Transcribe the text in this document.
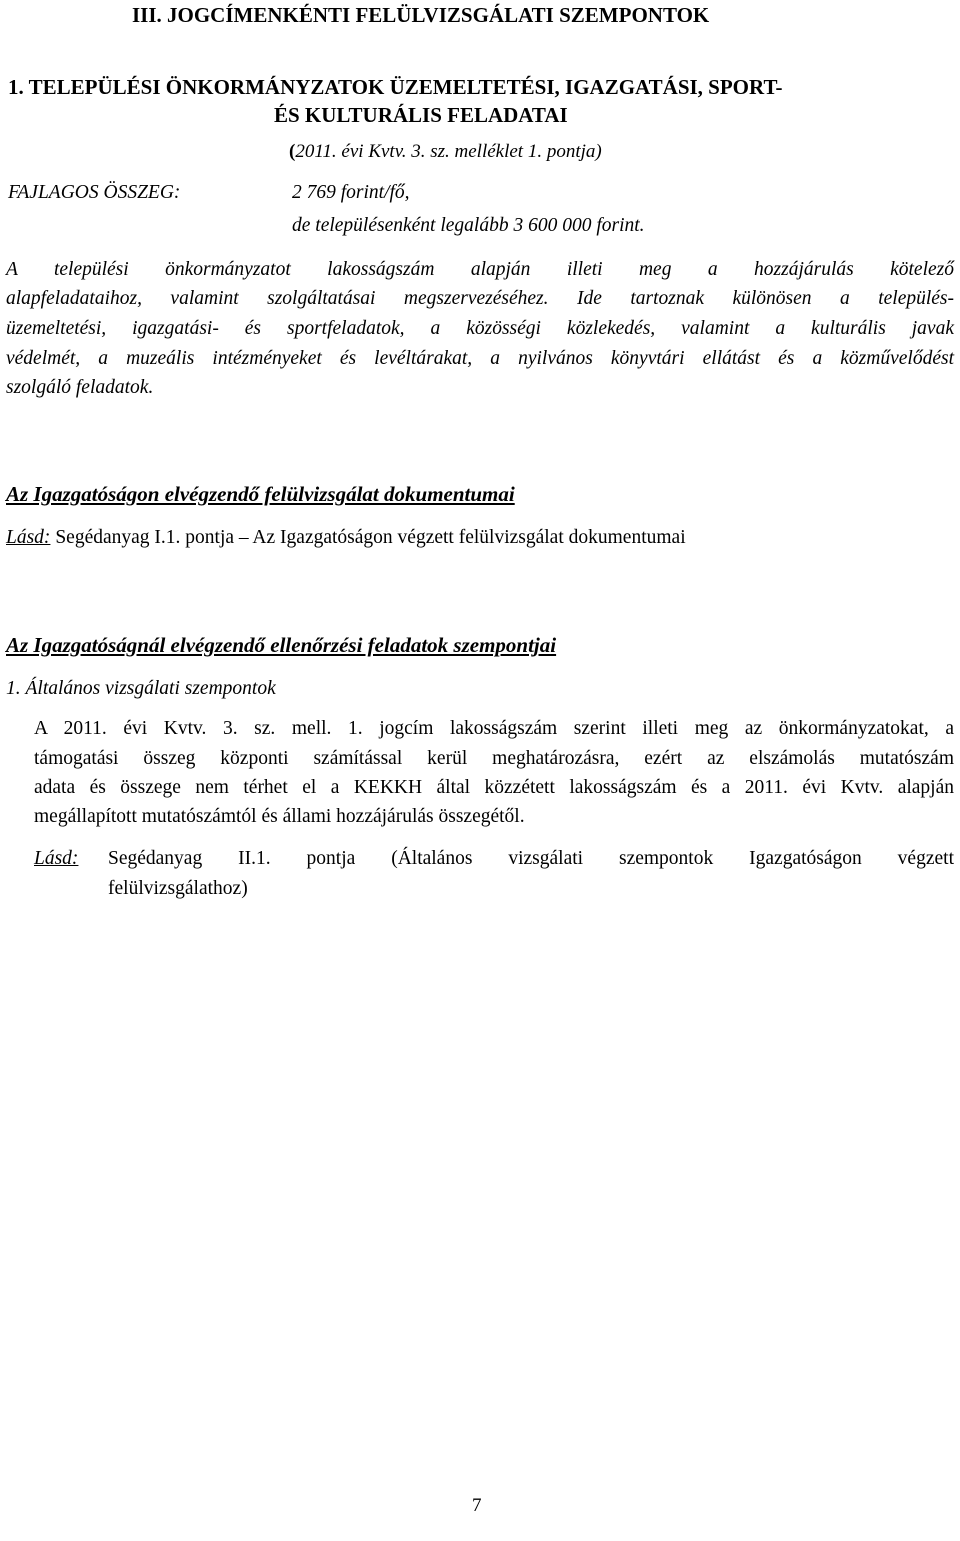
III. JOGCÍMENKÉNTI FELÜLVIZSGÁLATI SZEMPONTOK
1. TELEPÜLÉSI ÖNKORMÁNYZATOK ÜZEMELTETÉSI, IGAZGATÁSI, SPORT-
ÉS KULTURÁLIS FELADATAI
(2011. évi Kvtv. 3. sz. melléklet 1. pontja)
FAJLAGOS ÖSSZEG:	2 769 forint/fő,
de településenként legalább 3 600 000 forint.
A települési önkormányzatot lakosságszám alapján illeti meg a hozzájárulás kötelező
alapfeladataihoz, valamint szolgáltatásai megszervezéséhez. Ide tartoznak különösen a település-
üzemeltetési, igazgatási- és sportfeladatok, a közösségi közlekedés, valamint a kulturális javak
védelmét, a muzeális intézményeket és levéltárakat, a nyilvános könyvtári ellátást és a közművelődést
szolgáló feladatok.
Az Igazgatóságon elvégzendő felülvizsgálat dokumentumai
Lásd: Segédanyag I.1. pontja – Az Igazgatóságon végzett felülvizsgálat dokumentumai
Az Igazgatóságnál elvégzendő ellenőrzési feladatok szempontjai
1. Általános vizsgálati szempontok
A 2011. évi Kvtv. 3. sz. mell. 1. jogcím lakosságszám szerint illeti meg az önkormányzatokat, a
támogatási összeg központi számítással kerül meghatározásra, ezért az elszámolás mutatószám
adata és összege nem térhet el a KEKKH által közzétett lakosságszám és a 2011. évi Kvtv. alapján
megállapított mutatószámtól és állami hozzájárulás összegétől.
Lásd: Segédanyag II.1. pontja (Általános vizsgálati szempontok Igazgatóságon végzett
felülvizsgálathoz)
7
